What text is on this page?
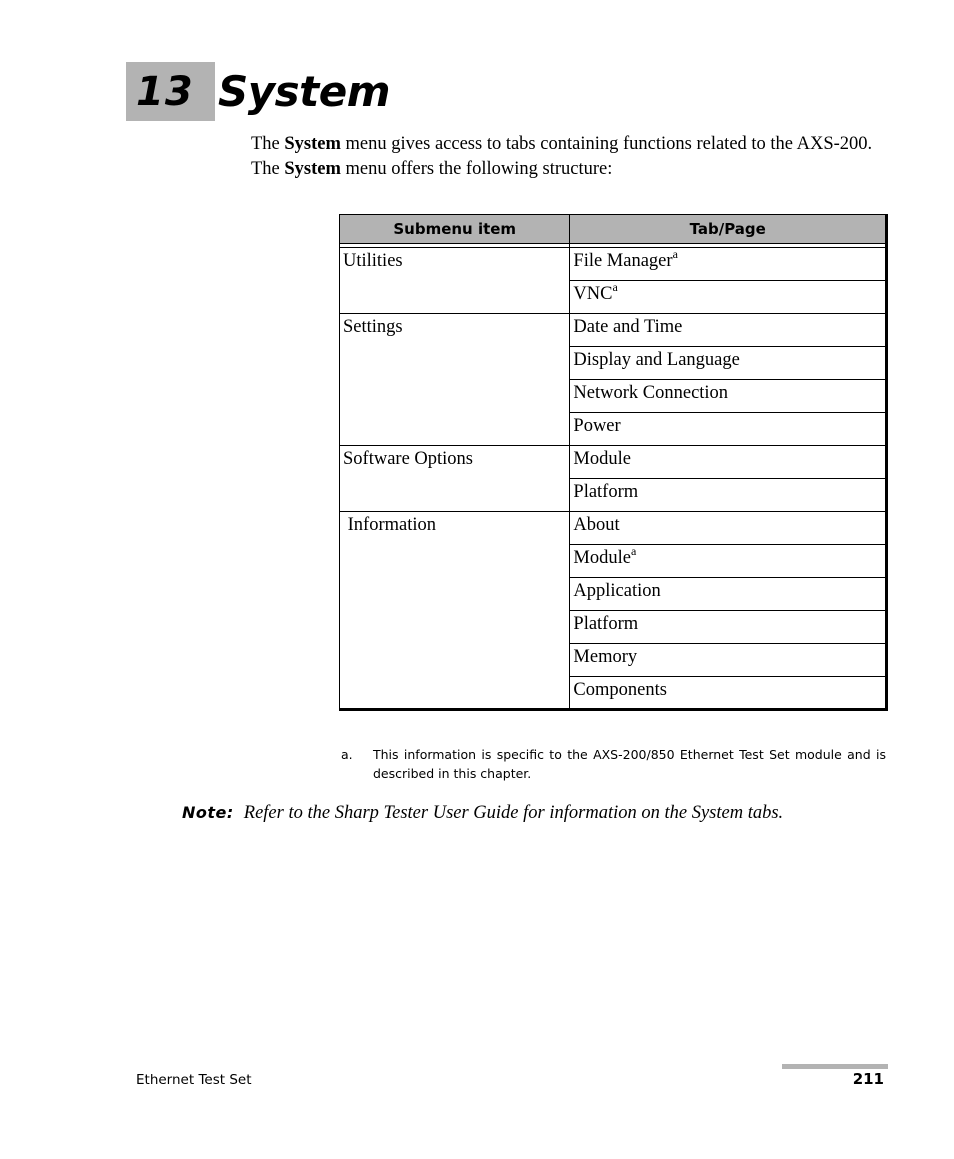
13 System
The System menu gives access to tabs containing functions related to the AXS-200. The System menu offers the following structure:
Submenu item	Tab/Page

Utilities	File Manager$^a$
	VNC$^a$
Settings	Date and Time
	Display and Language
	Network Connection
	Power
Software Options	Module
	Platform
Information	About
	Module$^a$
	Application
	Platform
	Memory
	Components
a. This information is specific to the AXS-200/850 Ethernet Test Set module and is described in this chapter.
Note: Refer to the Sharp Tester User Guide for information on the System tabs.
Ethernet Test Set	211
